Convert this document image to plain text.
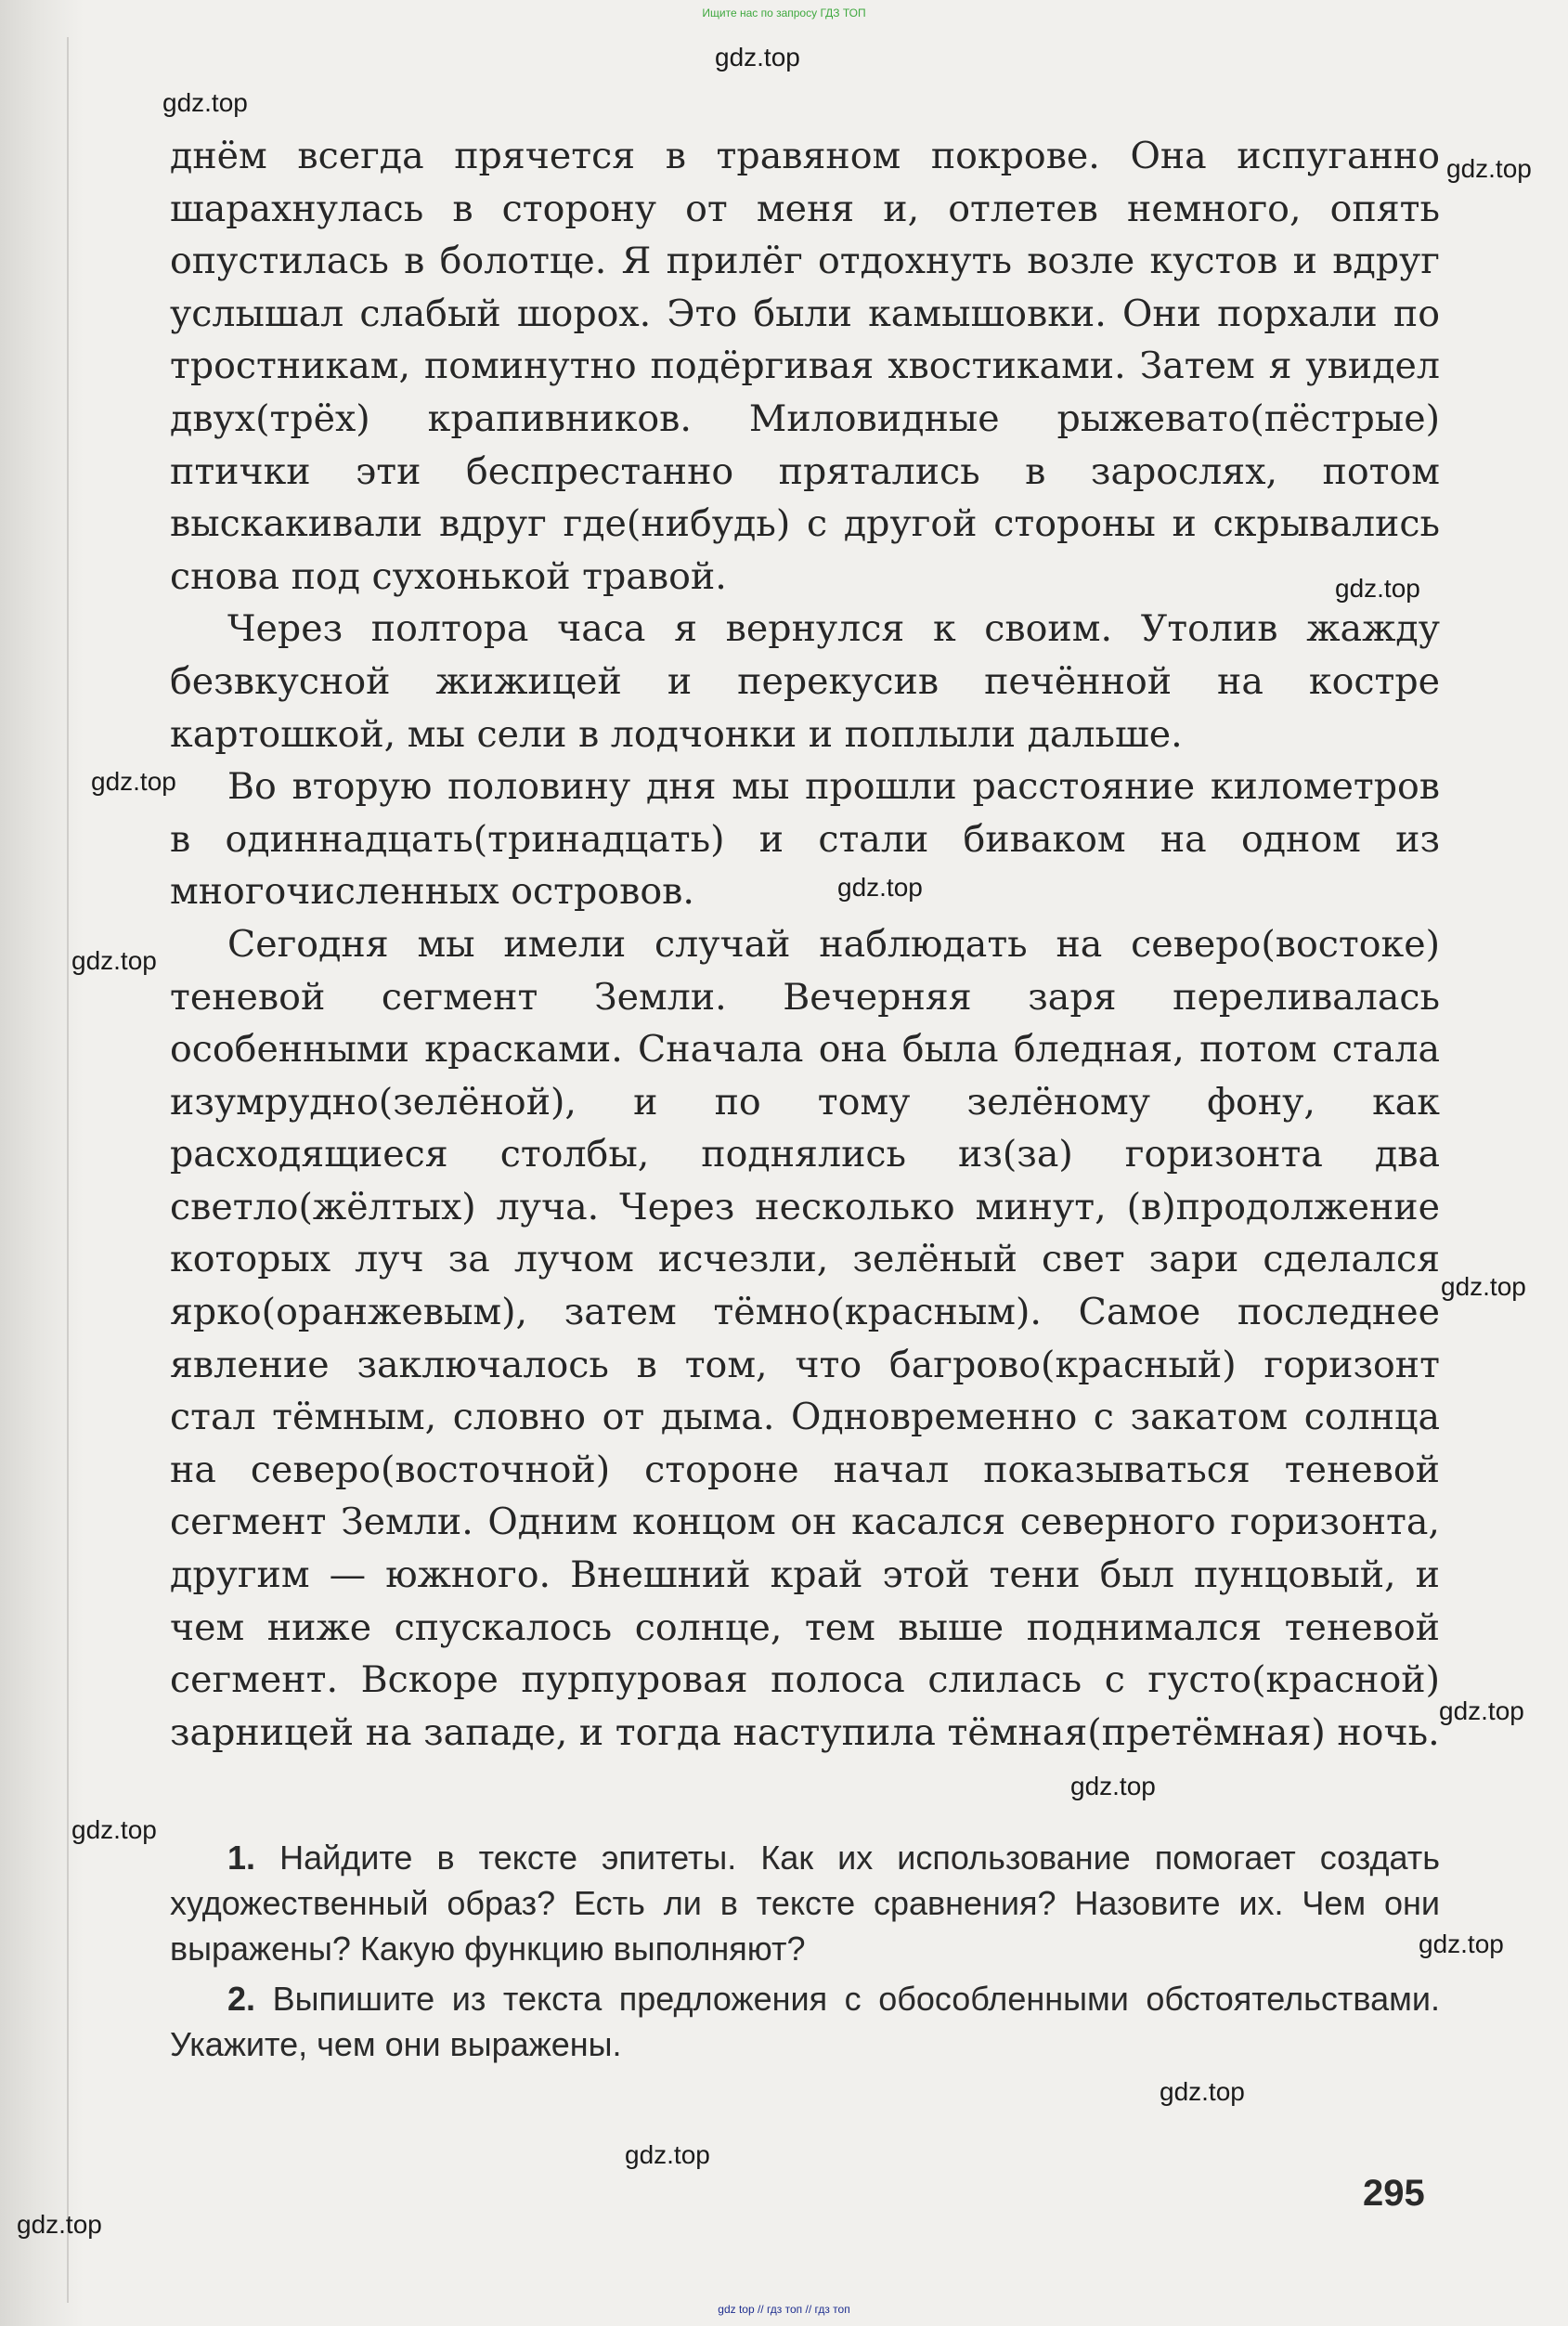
Ищите нас по запросу ГДЗ ТОП
gdz.top
gdz.top
gdz.top
gdz.top
gdz.top
gdz.top
gdz.top
gdz.top
gdz.top
gdz.top
gdz.top
gdz.top
gdz.top
gdz.top
gdz.top

днём всегда прячется в травяном покрове. Она испуганно шарахнулась в сторону от меня и, отлетев немного, опять опустилась в болотце. Я прилёг отдохнуть возле кустов и вдруг услышал слабый шорох. Это были камышовки. Они порхали по тростникам, поминутно подёргивая хвостиками. Затем я увидел двух(трёх) крапивников. Миловидные рыжевато(пёстрые) птички эти беспрестанно прятались в зарослях, потом выскакивали вдруг где(нибудь) с другой стороны и скрывались снова под сухонькой травой.

Через полтора часа я вернулся к своим. Утолив жажду безвкусной жижицей и перекусив печённой на костре картошкой, мы сели в лодчонки и поплыли дальше.

Во вторую половину дня мы прошли расстояние километров в одиннадцать(тринадцать) и стали биваком на одном из многочисленных островов.

Сегодня мы имели случай наблюдать на северо(востоке) теневой сегмент Земли. Вечерняя заря переливалась особенными красками. Сначала она была бледная, потом стала изумрудно(зелёной), и по тому зелёному фону, как расходящиеся столбы, поднялись из(за) горизонта два светло(жёлтых) луча. Через несколько минут, (в)продолжение которых луч за лучом исчезли, зелёный свет зари сделался ярко(оранжевым), затем тёмно(красным). Самое последнее явление заключалось в том, что багрово(красный) горизонт стал тёмным, словно от дыма. Одновременно с закатом солнца на северо(восточной) стороне начал показываться теневой сегмент Земли. Одним концом он касался северного горизонта, другим — южного. Внешний край этой тени был пунцовый, и чем ниже спускалось солнце, тем выше поднимался теневой сегмент. Вскоре пурпуровая полоса слилась с густо(красной) зарницей на западе, и тогда наступила тёмная(претёмная) ночь.

1. Найдите в тексте эпитеты. Как их использование помогает создать художественный образ? Есть ли в тексте сравнения? Назовите их. Чем они выражены? Какую функцию выполняют?

2. Выпишите из текста предложения с обособленными обстоятельствами. Укажите, чем они выражены.

295
gdz top // гдз топ // гдз топ
